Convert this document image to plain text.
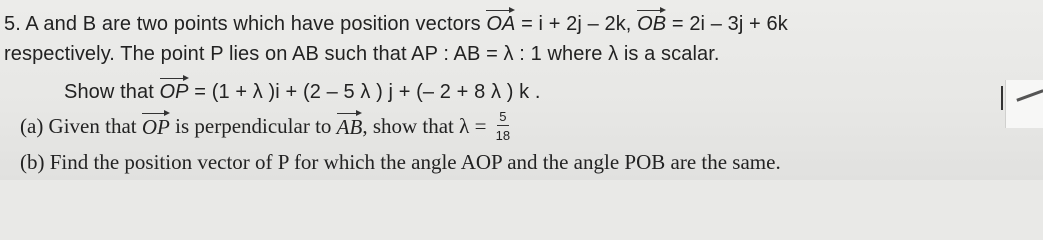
5. A and B are two points which have position vectors OA = i + 2j – 2k, OB = 2i – 3j + 6k
respectively. The point P lies on AB such that AP : AB = λ : 1 where λ is a scalar.
Show that OP = (1 + λ )i + (2 – 5 λ ) j + (– 2 + 8 λ ) k .
(a) Given that OP is perpendicular to AB , show that $\lambda = \frac{5}{18}$
(b) Find the position vector of P for which the angle AOP and the angle POB are the same.
